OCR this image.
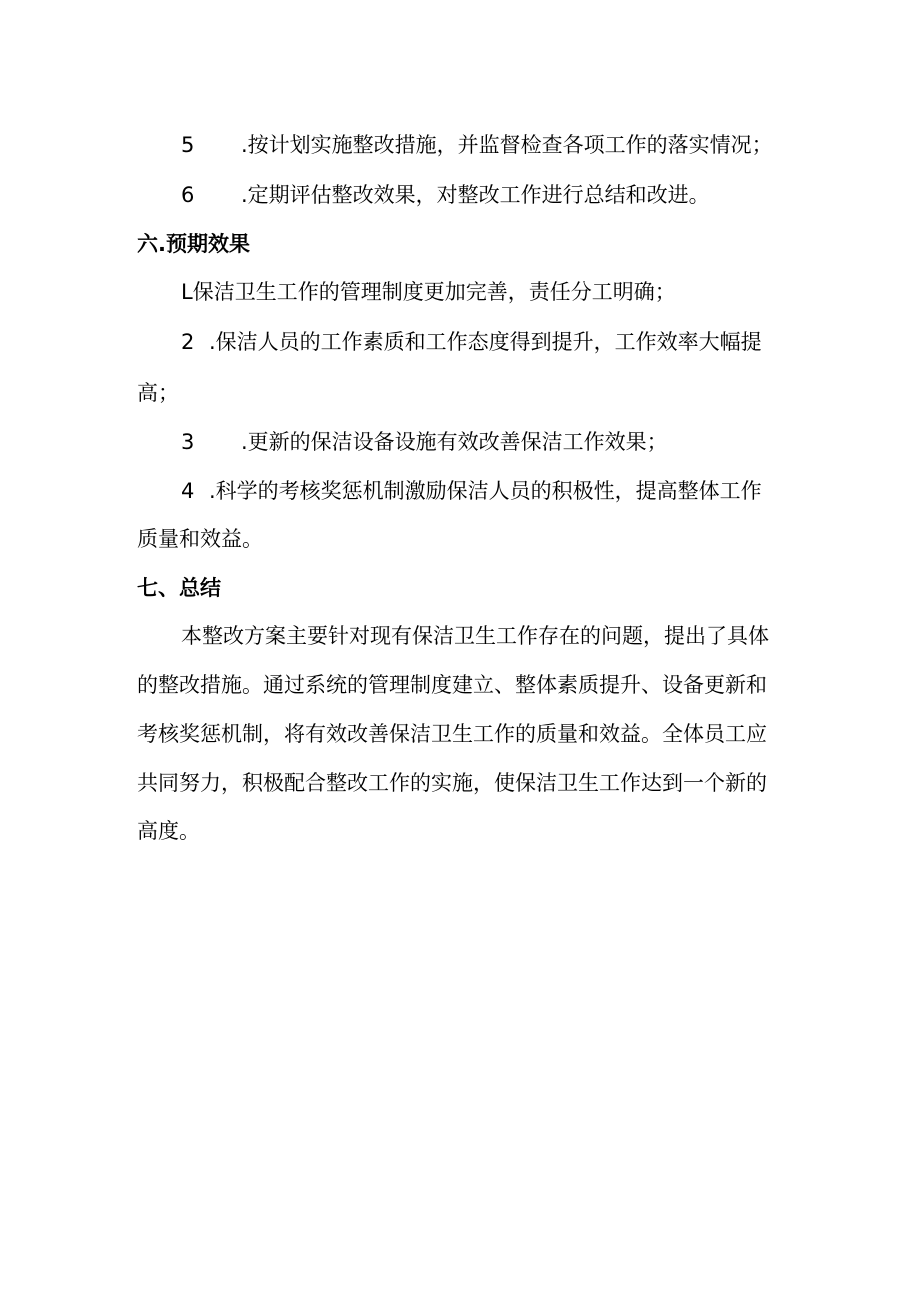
5 .按计划实施整改措施，并监督检查各项工作的落实情况；
6 .定期评估整改效果，对整改工作进行总结和改进。
六.预期效果
L保洁卫生工作的管理制度更加完善，责任分工明确；
2 .保洁人员的工作素质和工作态度得到提升，工作效率大幅提
高；
3 .更新的保洁设备设施有效改善保洁工作效果；
4 .科学的考核奖惩机制激励保洁人员的积极性，提高整体工作
质量和效益。
七、总结
本整改方案主要针对现有保洁卫生工作存在的问题，提出了具体
的整改措施。通过系统的管理制度建立、整体素质提升、设备更新和
考核奖惩机制，将有效改善保洁卫生工作的质量和效益。全体员工应
共同努力，积极配合整改工作的实施，使保洁卫生工作达到一个新的
高度。
